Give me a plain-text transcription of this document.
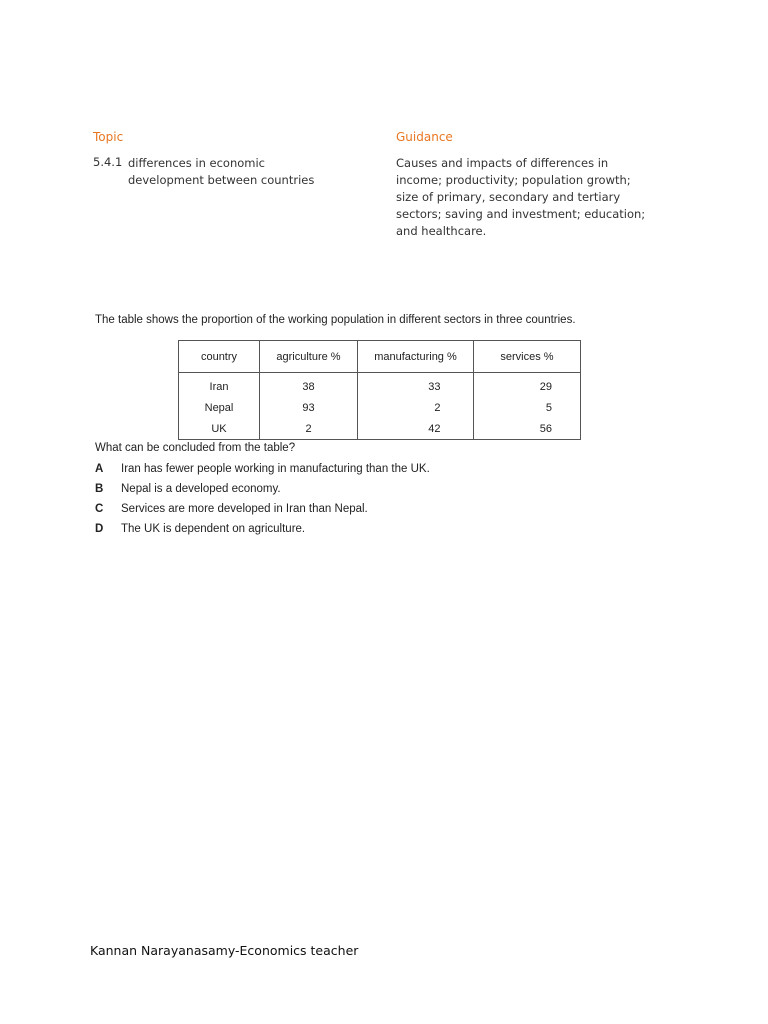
Topic	Guidance
5.4.1 differences in economic development between countries
Causes and impacts of differences in income; productivity; population growth; size of primary, secondary and tertiary sectors; saving and investment; education; and healthcare.
The table shows the proportion of the working population in different sectors in three countries.
country	agriculture %	manufacturing %	services %
Iran	38	33	29
Nepal	93	2	5
UK	2	42	56
What can be concluded from the table?
A Iran has fewer people working in manufacturing than the UK.
B Nepal is a developed economy.
C Services are more developed in Iran than Nepal.
D The UK is dependent on agriculture.
Kannan Narayanasamy-Economics teacher
